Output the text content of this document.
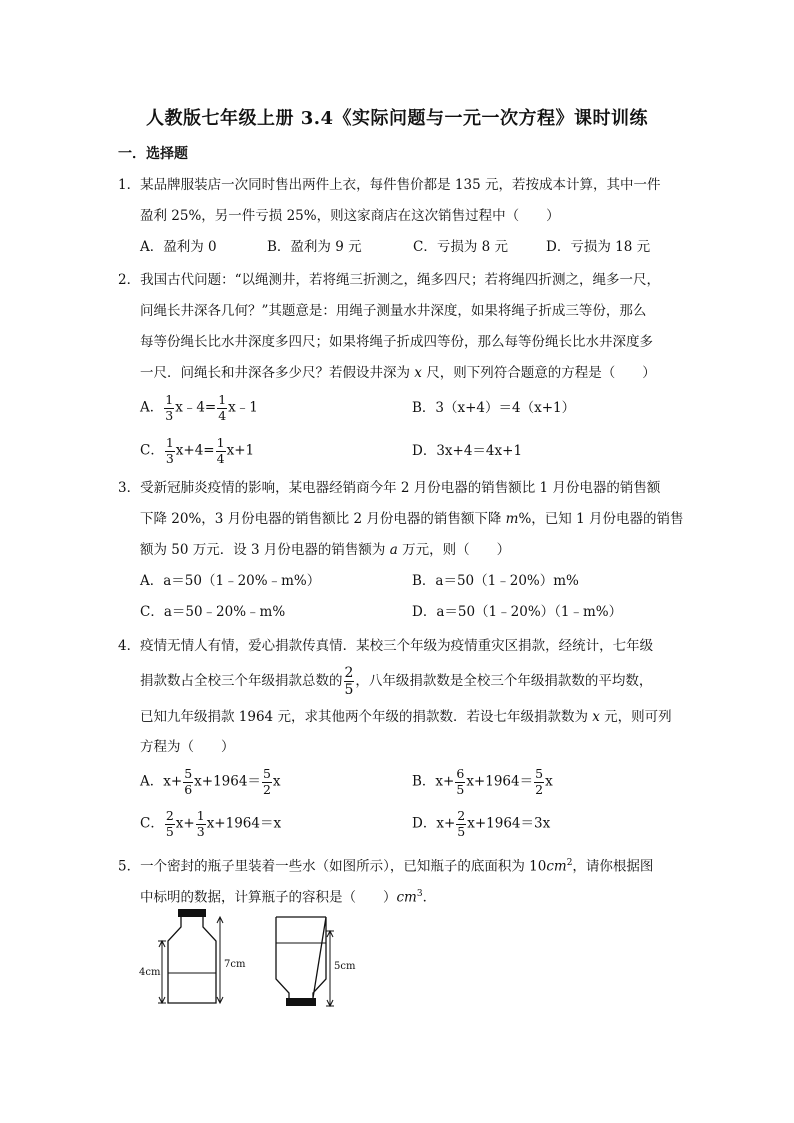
人教版七年级上册 3.4《实际问题与一元一次方程》课时训练
一．选择题
1．某品牌服装店一次同时售出两件上衣，每件售价都是 135 元，若按成本计算，其中一件
盈利 25%，另一件亏损 25%，则这家商店在这次销售过程中（　　）
A．盈利为 0	B．盈利为 9 元	C．亏损为 8 元	D．亏损为 18 元
2．我国古代问题：“以绳测井，若将绳三折测之，绳多四尺；若将绳四折测之，绳多一尺，
问绳长井深各几何？”其题意是：用绳子测量水井深度，如果将绳子折成三等份，那么
每等份绳长比水井深度多四尺；如果将绳子折成四等份，那么每等份绳长比水井深度多
一尺．问绳长和井深各多少尺？若假设井深为 x 尺，则下列符合题意的方程是（　　）
A． $\frac{1}{3}$ x﹣4= $\frac{1}{4}$ x﹣1	B．3（x+4）＝4（x+1）
C． $\frac{1}{3} x+4= \frac{1}{4} x+1$	D．3x+4＝4x+1
3．受新冠肺炎疫情的影响，某电器经销商今年 2 月份电器的销售额比 1 月份电器的销售额
下降 20%，3 月份电器的销售额比 2 月份电器的销售额下降 m%，已知 1 月份电器的销售
额为 50 万元．设 3 月份电器的销售额为 a 万元，则（　　）
A．a＝50（1﹣20%﹣m%）	B．a＝50（1﹣20%）m%
C．a＝50﹣20%﹣m%	D．a＝50（1﹣20%）（1﹣m%）
4．疫情无情人有情，爱心捐款传真情．某校三个年级为疫情重灾区捐款，经统计，七年级
捐款数占全校三个年级捐款总数的 $\frac{2}{5}$ ，八年级捐款数是全校三个年级捐款数的平均数，
已知九年级捐款 1964 元，求其他两个年级的捐款数．若设七年级捐款数为 x 元，则可列
方程为（　　）
A．$x+ \frac{5}{6} x+1964= \frac{5}{2}$ x	B．$x+ \frac{6}{5} x+1964= \frac{5}{2}$ x
C． $\frac{2}{5} x+ \frac{1}{3} x+1964=x$	D．$x+ \frac{2}{5} x+1964=3x$
5．一个密封的瓶子里装着一些水（如图所示），已知瓶子的底面积为 $10cm^2$，请你根据图
中标明的数据，计算瓶子的容积是（　　）$cm^3$．
4cm
7cm	5cm
